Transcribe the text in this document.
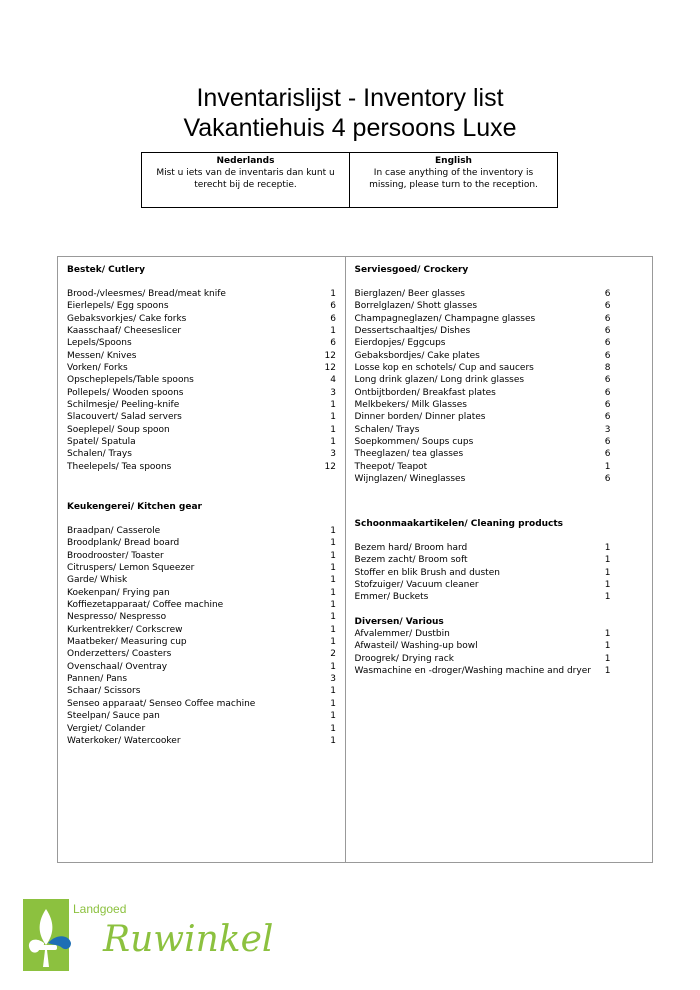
Inventarislijst - Inventory list
Vakantiehuis 4 persoons Luxe
Nederlands
Mist u iets van de inventaris dan kunt u terecht bij de receptie.
English
In case anything of the inventory is missing, please turn to the reception.
Bestek/ Cutlery
Brood-/vleesmes/ Bread/meat knife	1
Eierlepels/ Egg spoons	6
Gebaksvorkjes/ Cake forks	6
Kaasschaaf/ Cheeseslicer	1
Lepels/Spoons	6
Messen/ Knives	12
Vorken/ Forks	12
Opscheplepels/Table spoons	4
Pollepels/ Wooden spoons	3
Schilmesje/ Peeling-knife	1
Slacouvert/ Salad servers	1
Soeplepel/ Soup spoon	1
Spatel/ Spatula	1
Schalen/ Trays	3
Theelepels/ Tea spoons	12
Keukengerei/ Kitchen gear
Braadpan/ Casserole	1
Broodplank/ Bread board	1
Broodrooster/ Toaster	1
Citruspers/ Lemon Squeezer	1
Garde/ Whisk	1
Koekenpan/ Frying pan	1
Koffiezetapparaat/ Coffee machine	1
Nespresso/ Nespresso	1
Kurkentrekker/ Corkscrew	1
Maatbeker/ Measuring cup	1
Onderzetters/ Coasters	2
Ovenschaal/ Oventray	1
Pannen/ Pans	3
Schaar/ Scissors	1
Senseo apparaat/ Senseo Coffee machine	1
Steelpan/ Sauce pan	1
Vergiet/ Colander	1
Waterkoker/ Watercooker	1
Serviesgoed/ Crockery
Bierglazen/ Beer glasses	6
Borrelglazen/ Shott glasses	6
Champagneglazen/ Champagne glasses	6
Dessertschaaltjes/ Dishes	6
Eierdopjes/ Eggcups	6
Gebaksbordjes/ Cake plates	6
Losse kop en schotels/ Cup and saucers	8
Long drink glazen/ Long drink glasses	6
Ontbijtborden/ Breakfast plates	6
Melkbekers/ Milk Glasses	6
Dinner borden/ Dinner plates	6
Schalen/ Trays	3
Soepkommen/ Soups cups	6
Theeglazen/ tea glasses	6
Theepot/ Teapot	1
Wijnglazen/ Wineglasses	6
Schoonmaakartikelen/ Cleaning products
Bezem hard/ Broom hard	1
Bezem zacht/ Broom soft	1
Stoffer en blik Brush and dusten	1
Stofzuiger/ Vacuum cleaner	1
Emmer/ Buckets	1
Diversen/ Various
Afvalemmer/ Dustbin	1
Afwasteil/ Washing-up bowl	1
Droogrek/ Drying rack	1
Wasmachine en -droger/Washing machine and dryer	1
Landgoed
Ruwinkel
